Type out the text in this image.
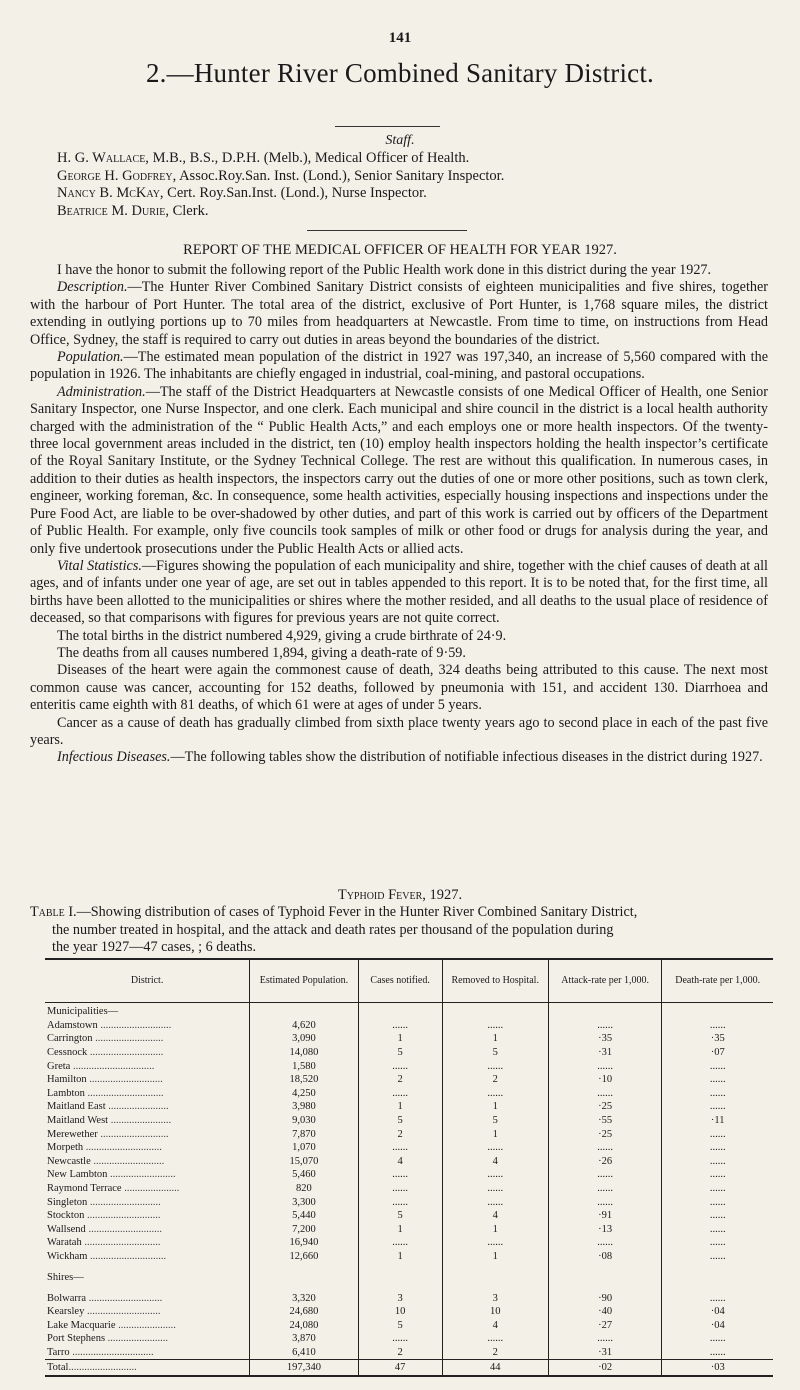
141
2.—Hunter River Combined Sanitary District.
Staff.
H. G. Wallace, M.B., B.S., D.P.H. (Melb.), Medical Officer of Health.
George H. Godfrey, Assoc.Roy.San. Inst. (Lond.), Senior Sanitary Inspector.
Nancy B. McKay, Cert. Roy.San.Inst. (Lond.), Nurse Inspector.
Beatrice M. Durie, Clerk.
REPORT OF THE MEDICAL OFFICER OF HEALTH FOR YEAR 1927.

I have the honor to submit the following report of the Public Health work done in this district during the year 1927.

Description.—The Hunter River Combined Sanitary District consists of eighteen municipalities and five shires, together with the harbour of Port Hunter. The total area of the district, exclusive of Port Hunter, is 1,768 square miles, the district extending in outlying portions up to 70 miles from headquarters at Newcastle. From time to time, on instructions from Head Office, Sydney, the staff is required to carry out duties in areas beyond the boundaries of the district.

Population.—The estimated mean population of the district in 1927 was 197,340, an increase of 5,560 compared with the population in 1926. The inhabitants are chiefly engaged in industrial, coal-mining, and pastoral occupations.

Administration.—The staff of the District Headquarters at Newcastle consists of one Medical Officer of Health, one Senior Sanitary Inspector, one Nurse Inspector, and one clerk. Each municipal and shire council in the district is a local health authority charged with the administration of the “ Public Health Acts,” and each employs one or more health inspectors. Of the twenty-three local government areas included in the district, ten (10) employ health inspectors holding the health inspector’s certificate of the Royal Sanitary Institute, or the Sydney Technical College. The rest are without this qualification. In numerous cases, in addition to their duties as health inspectors, the inspectors carry out the duties of one or more other positions, such as town clerk, engineer, working foreman, &c. In consequence, some health activities, especially housing inspections and inspections under the Pure Food Act, are liable to be over-shadowed by other duties, and part of this work is carried out by officers of the Department of Public Health. For example, only five councils took samples of milk or other food or drugs for analysis during the year, and only five undertook prosecutions under the Public Health Acts or allied acts.

Vital Statistics.—Figures showing the population of each municipality and shire, together with the chief causes of death at all ages, and of infants under one year of age, are set out in tables appended to this report. It is to be noted that, for the first time, all births have been allotted to the municipalities or shires where the mother resided, and all deaths to the usual place of residence of deceased, so that comparisons with figures for previous years are not quite correct.

The total births in the district numbered 4,929, giving a crude birthrate of 24·9.

The deaths from all causes numbered 1,894, giving a death-rate of 9·59.

Diseases of the heart were again the commonest cause of death, 324 deaths being attributed to this cause. The next most common cause was cancer, accounting for 152 deaths, followed by pneumonia with 151, and accident 130. Diarrhoea and enteritis came eighth with 81 deaths, of which 61 were at ages of under 5 years.

Cancer as a cause of death has gradually climbed from sixth place twenty years ago to second place in each of the past five years.

Infectious Diseases.—The following tables show the distribution of notifiable infectious diseases in the district during 1927.

Typhoid Fever, 1927.
Table I.—Showing distribution of cases of Typhoid Fever in the Hunter River Combined Sanitary District,
the number treated in hospital, and the attack and death rates per thousand of the population during
the year 1927—47 cases, ; 6 deaths.
District.	Estimated Population.	Cases notified.	Removed to Hospital.	Attack-rate per 1,000.	Death-rate per 1,000.
Municipalities—					
Adamstown ...........................	4,620	......	......	......	......
Carrington ..........................	3,090	1	1	·35	·35
Cessnock ............................	14,080	5	5	·31	·07
Greta ...............................	1,580	......	......	......	......
Hamilton ............................	18,520	2	2	·10	......
Lambton .............................	4,250	......	......	......	......
Maitland East .......................	3,980	1	1	·25	......
Maitland West .......................	9,030	5	5	·55	·11
Merewether ..........................	7,870	2	1	·25	......
Morpeth .............................	1,070	......	......	......	......
Newcastle ...........................	15,070	4	4	·26	......
New Lambton .........................	5,460	......	......	......	......
Raymond Terrace .....................	820	......	......	......	......
Singleton ...........................	3,300	......	......	......	......
Stockton ............................	5,440	5	4	·91	......
Wallsend ............................	7,200	1	1	·13	......
Waratah .............................	16,940	......	......	......	......
Wickham .............................	12,660	1	1	·08	......
Shires—					
Bolwarra ............................	3,320	3	3	·90	......
Kearsley ............................	24,680	10	10	·40	·04
Lake Macquarie ......................	24,080	5	4	·27	·04
Port Stephens .......................	3,870	......	......	......	......
Tarro ...............................	6,410	2	2	·31	......
Total..........................	197,340	47	44	·02	·03
